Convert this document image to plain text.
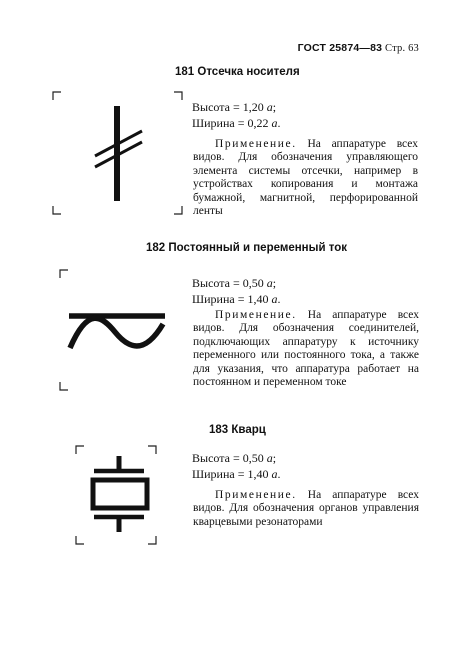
ГОСТ 25874—83 Стр. 63
181 Отсечка носителя
Высота = 1,20 а;
Ширина = 0,22 а.
Применение. На аппаратуре всех видов. Для обозначения управляющего элемента системы отсечки, например в устройствах копирования и монтажа бумажной, магнитной, перфорированной ленты
182 Постоянный и переменный ток
Высота = 0,50 а;
Ширина = 1,40 а.
Применение. На аппаратуре всех видов. Для обозначения соединителей, подключающих аппаратуру к источнику переменного или постоянного тока, а также для указания, что аппаратура работает на постоянном и переменном токе
183 Кварц
Высота = 0,50 а;
Ширина = 1,40 а.
Применение. На аппаратуре всех видов. Для обозначения органов управления кварцевыми резонаторами
